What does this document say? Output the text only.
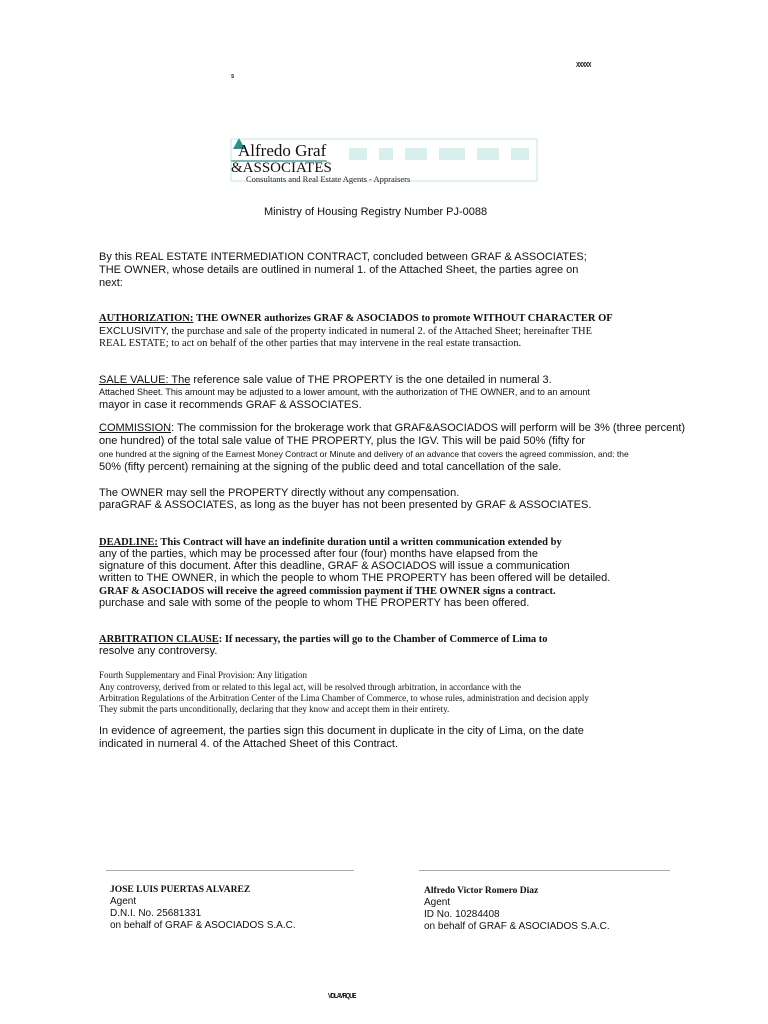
XXXXX
s
Alfredo Graf
&ASSOCIATES
Consultants and Real Estate Agents - Appraisers
Ministry of Housing Registry Number PJ-0088
By this REAL ESTATE INTERMEDIATION CONTRACT, concluded between GRAF & ASSOCIATES;
THE OWNER, whose details are outlined in numeral 1. of the Attached Sheet, the parties agree on
next:
AUTHORIZATION: THE OWNER authorizes GRAF & ASOCIADOS to promote WITHOUT CHARACTER OF
EXCLUSIVITY, the purchase and sale of the property indicated in numeral 2. of the Attached Sheet; hereinafter THE
REAL ESTATE; to act on behalf of the other parties that may intervene in the real estate transaction.
SALE VALUE: The reference sale value of THE PROPERTY is the one detailed in numeral 3.
Attached Sheet. This amount may be adjusted to a lower amount, with the authorization of THE OWNER, and to an amount
mayor in case it recommends GRAF & ASSOCIATES.
COMMISSION: The commission for the brokerage work that GRAF&ASOCIADOS will perform will be 3% (three percent)
one hundred) of the total sale value of THE PROPERTY, plus the IGV. This will be paid 50% (fifty for
one hundred at the signing of the Earnest Money Contract or Minute and delivery of an advance that covers the agreed commission, and: the
50% (fifty percent) remaining at the signing of the public deed and total cancellation of the sale.
The OWNER may sell the PROPERTY directly without any compensation.
paraGRAF & ASSOCIATES, as long as the buyer has not been presented by GRAF & ASSOCIATES.
DEADLINE: This Contract will have an indefinite duration until a written communication extended by
any of the parties, which may be processed after four (four) months have elapsed from the
signature of this document. After this deadline, GRAF & ASOCIADOS will issue a communication
written to THE OWNER, in which the people to whom THE PROPERTY has been offered will be detailed.
GRAF & ASOCIADOS will receive the agreed commission payment if THE OWNER signs a contract.
purchase and sale with some of the people to whom THE PROPERTY has been offered.
ARBITRATION CLAUSE: If necessary, the parties will go to the Chamber of Commerce of Lima to
resolve any controversy.
Fourth Supplementary and Final Provision: Any litigation
Any controversy, derived from or related to this legal act, will be resolved through arbitration, in accordance with the
Arbitration Regulations of the Arbitration Center of the Lima Chamber of Commerce, to whose rules, administration and decision apply
They submit the parts unconditionally, declaring that they know and accept them in their entirety.
In evidence of agreement, the parties sign this document in duplicate in the city of Lima, on the date
indicated in numeral 4. of the Attached Sheet of this Contract.
JOSE LUIS PUERTAS ALVAREZ
Agent
D.N.I. No. 25681331
on behalf of GRAF & ASOCIADOS S.A.C.
Alfredo Victor Romero Diaz
Agent
ID No. 10284408
on behalf of GRAF & ASOCIADOS S.A.C.
VDLAVRQUE
